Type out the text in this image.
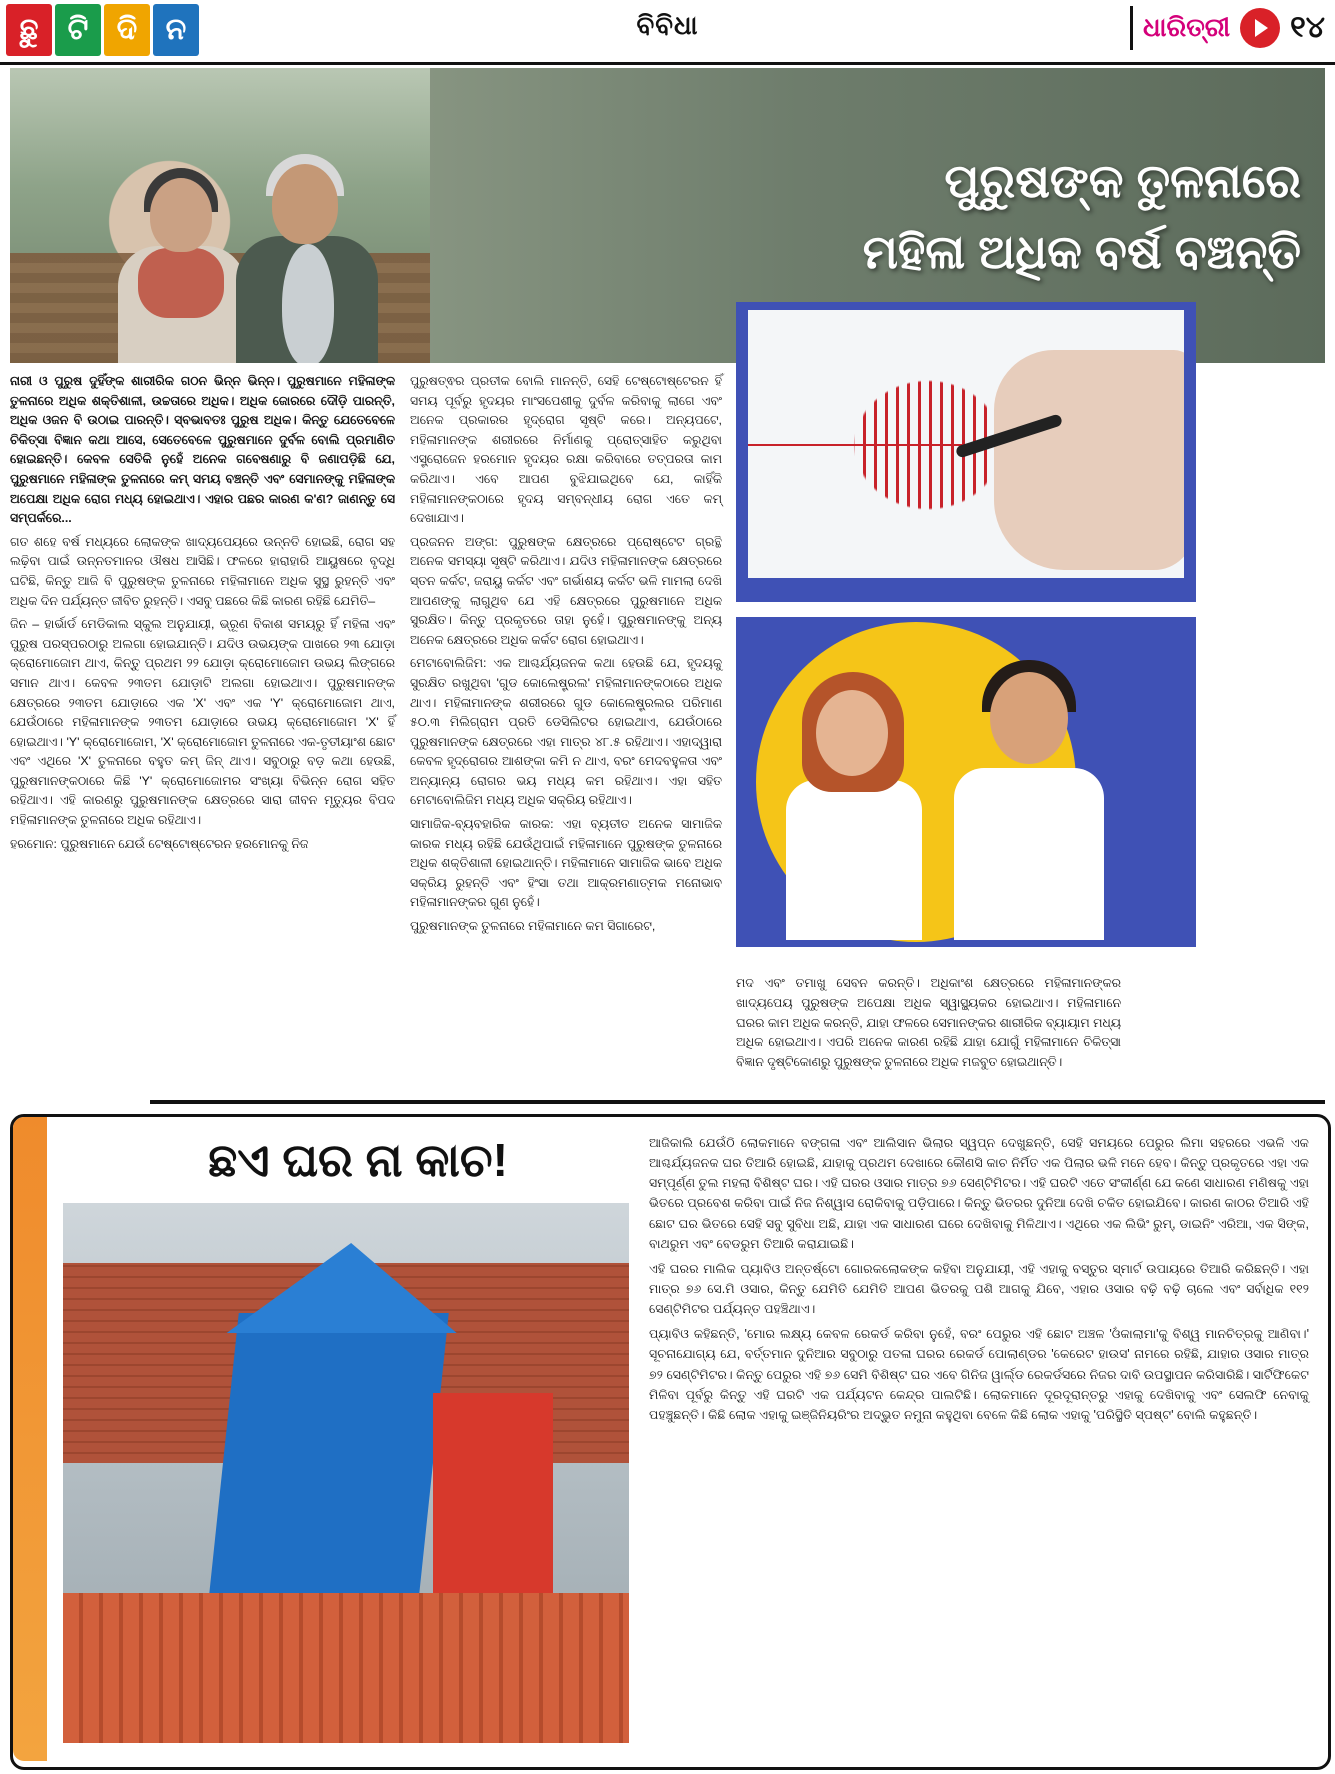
ଛୁ ଟି ଦି ନ	ବିବିଧା	ଧାରିତ୍ରୀ ୧୪
ପୁରୁଷଙ୍କ ତୁଳନାରେ
ମହିଳା ଅଧିକ ବର୍ଷ ବଞ୍ଚନ୍ତି

ନାରୀ ଓ ପୁରୁଷ ଦୁହିଁଙ୍କ ଶାରୀରିକ ଗଠନ ଭିନ୍ନ ଭିନ୍ନ। ପୁରୁଷମାନେ ମହିଳାଙ୍କ ତୁଳନାରେ ଅଧିକ ଶକ୍ତିଶାଳୀ, ଉଚ୍ଚତାରେ ଅଧିକ। ଅଧିକ ଜୋରରେ ଦୌଡ଼ି ପାରନ୍ତି, ଅଧିକ ଓଜନ ବି ଉଠାଇ ପାରନ୍ତି। ସ୍ବଭାବତଃ ପୁରୁଷ ଅଧିକ। କିନ୍ତୁ ଯେତେବେଳେ ଚିକିତ୍ସା ବିଜ୍ଞାନ କଥା ଆସେ, ସେତେବେଳେ ପୁରୁଷମାନେ ଦୁର୍ବଳ ବୋଲି ପ୍ରମାଣିତ ହୋଇଛନ୍ତି। କେବଳ ସେତିକି ନୁହେଁ ଅନେକ ଗବେଷଣାରୁ ବି ଜଣାପଡ଼ିଛି ଯେ, ପୁରୁଷମାନେ ମହିଳାଙ୍କ ତୁଳନାରେ କମ୍ ସମୟ ବଞ୍ଚନ୍ତି ଏବଂ ସେମାନଙ୍କୁ ମହିଳାଙ୍କ ଅପେକ୍ଷା ଅଧିକ ରୋଗ ମଧ୍ୟ ହୋଇଥାଏ। ଏହାର ପଛର କାରଣ କ'ଣ? ଜାଣନ୍ତୁ ସେ ସମ୍ପର୍କରେ...

ଗତ ଶହେ ବର୍ଷ ମଧ୍ୟରେ ଲୋକଙ୍କ ଖାଦ୍ୟପେୟରେ ଉନ୍ନତି ହୋଇଛି, ରୋଗ ସହ ଲଢ଼ିବା ପାଇଁ ଉନ୍ନତମାନର ଔଷଧ ଆସିଛି। ଫଳରେ ହାରାହାରି ଆୟୁଷରେ ବୃଦ୍ଧି ଘଟିଛି, କିନ୍ତୁ ଆଜି ବି ପୁରୁଷଙ୍କ ତୁଳନାରେ ମହିଳାମାନେ ଅଧିକ ସୁସ୍ଥ ରୁହନ୍ତି ଏବଂ ଅଧିକ ଦିନ ପର୍ଯ୍ୟନ୍ତ ଜୀବିତ ରୁହନ୍ତି। ଏସବୁ ପଛରେ କିଛି କାରଣ ରହିଛି ଯେମିତି–

ଜିନ – ହାର୍ଭାର୍ଡ ମେଡିକାଲ ସ୍କୁଲ ଅନୁଯାୟୀ, ଭ୍ରୂଣ ବିକାଶ ସମୟରୁ ହିଁ ମହିଳା ଏବଂ ପୁରୁଷ ପରସ୍ପରଠାରୁ ଅଲଗା ହୋଇଯାନ୍ତି। ଯଦିଓ ଉଭୟଙ୍କ ପାଖରେ ୨୩ ଯୋଡ଼ା କ୍ରୋମୋଜୋମ ଥାଏ, କିନ୍ତୁ ପ୍ରଥମ ୨୨ ଯୋଡ଼ା କ୍ରୋମୋଜୋମ ଉଭୟ ଲିଙ୍ଗରେ ସମାନ ଥାଏ। କେବଳ ୨୩ତମ ଯୋଡ଼ାଟି ଅଲଗା ହୋଇଥାଏ। ପୁରୁଷମାନଙ୍କ କ୍ଷେତ୍ରରେ ୨୩ତମ ଯୋଡ଼ାରେ ଏକ 'X' ଏବଂ ଏକ 'Y' କ୍ରୋମୋଜୋମ ଥାଏ, ଯେଉଁଠାରେ ମହିଳାମାନଙ୍କ ୨୩ତମ ଯୋଡ଼ାରେ ଉଭୟ କ୍ରୋମୋଜୋମ 'X' ହିଁ ହୋଇଥାଏ। 'Y' କ୍ରୋମୋଜୋମ, 'X' କ୍ରୋମୋଜୋମ ତୁଳନାରେ ଏକ-ତୃତୀୟାଂଶ ଛୋଟ ଏବଂ ଏଥିରେ 'X' ତୁଳନାରେ ବହୁତ କମ୍ ଜିନ୍ ଥାଏ। ସବୁଠାରୁ ବଡ଼ କଥା ହେଉଛି, ପୁରୁଷମାନଙ୍କଠାରେ କିଛି 'Y' କ୍ରୋମୋଜୋମର ସଂଖ୍ୟା ବିଭିନ୍ନ ରୋଗ ସହିତ ରହିଥାଏ। ଏହି କାରଣରୁ ପୁରୁଷମାନଙ୍କ କ୍ଷେତ୍ରରେ ସାରା ଜୀବନ ମୃତ୍ୟୁର ବିପଦ ମହିଳାମାନଙ୍କ ତୁଳନାରେ ଅଧିକ ରହିଥାଏ।

ହରମୋନ: ପୁରୁଷମାନେ ଯେଉଁ ଟେଷ୍ଟୋଷ୍ଟେରନ ହରମୋନକୁ ନିଜ

ପୁରୁଷତ୍ଵର ପ୍ରତୀକ ବୋଲି ମାନନ୍ତି, ସେହି ଟେଷ୍ଟୋଷ୍ଟେରନ ହିଁ ସମୟ ପୂର୍ବରୁ ହୃଦୟର ମାଂସପେଶୀକୁ ଦୁର୍ବଳ କରିବାକୁ ଲାଗେ ଏବଂ ଅନେକ ପ୍ରକାରର ହୃଦ୍‌ରୋଗ ସୃଷ୍ଟି କରେ। ଅନ୍ୟପଟେ, ମହିଳାମାନଙ୍କ ଶରୀରରେ ନିର୍ମାଣକୁ ପ୍ରୋତ୍ସାହିତ କରୁଥିବା ଏସ୍ଟ୍ରୋଜେନ ହରମୋନ ହୃଦୟର ରକ୍ଷା କରିବାରେ ତତ୍ପରତା କାମ କରିଥାଏ। ଏବେ ଆପଣ ବୁଝିଯାଇଥିବେ ଯେ, କାହିଁକି ମହିଳାମାନଙ୍କଠାରେ ହୃଦୟ ସମ୍ବନ୍ଧୀୟ ରୋଗ ଏତେ କମ୍ ଦେଖାଯାଏ।

ପ୍ରଜନନ ଅଙ୍ଗ: ପୁରୁଷଙ୍କ କ୍ଷେତ୍ରରେ ପ୍ରୋଷ୍ଟେଟ ଗ୍ରନ୍ଥି ଅନେକ ସମସ୍ୟା ସୃଷ୍ଟି କରିଥାଏ। ଯଦିଓ ମହିଳାମାନଙ୍କ କ୍ଷେତ୍ରରେ ସ୍ତନ କର୍କଟ, ଜରାୟୁ କର୍କଟ ଏବଂ ଗର୍ଭାଶୟ କର୍କଟ ଭଳି ମାମଲା ଦେଖି ଆପଣଙ୍କୁ ଲାଗୁଥିବ ଯେ ଏହି କ୍ଷେତ୍ରରେ ପୁରୁଷମାନେ ଅଧିକ ସୁରକ୍ଷିତ। କିନ୍ତୁ ପ୍ରକୃତରେ ତାହା ନୁହେଁ। ପୁରୁଷମାନଙ୍କୁ ଅନ୍ୟ ଅନେକ କ୍ଷେତ୍ରରେ ଅଧିକ କର୍କଟ ରୋଗ ହୋଇଥାଏ।

ମେଟାବୋଲିଜିମ: ଏକ ଆଶ୍ଚର୍ଯ୍ୟଜନକ କଥା ହେଉଛି ଯେ, ହୃଦୟକୁ ସୁରକ୍ଷିତ ରଖୁଥିବା 'ଗୁଡ କୋଲେଷ୍ଟ୍ରଲ' ମହିଳାମାନଙ୍କଠାରେ ଅଧିକ ଥାଏ। ମହିଳାମାନଙ୍କ ଶରୀରରେ ଗୁଡ କୋଲେଷ୍ଟ୍ରଲର ପରିମାଣ ୫୦.୩ ମିଲିଗ୍ରାମ ପ୍ରତି ଡେସିଲିଟର ହୋଇଥାଏ, ଯେଉଁଠାରେ ପୁରୁଷମାନଙ୍କ କ୍ଷେତ୍ରରେ ଏହା ମାତ୍ର ୪୮.୫ ରହିଥାଏ। ଏହାଦ୍ୱାରା କେବଳ ହୃଦ୍‌ରୋଗର ଆଶଙ୍କା କମି ନ ଥାଏ, ବରଂ ମେଦବହୁଳତା ଏବଂ ଅନ୍ୟାନ୍ୟ ରୋଗର ଭୟ ମଧ୍ୟ କମ ରହିଥାଏ। ଏହା ସହିତ ମେଟାବୋଲିଜିମ ମଧ୍ୟ ଅଧିକ ସକ୍ରିୟ ରହିଥାଏ।

ସାମାଜିକ-ବ୍ୟବହାରିକ କାରକ: ଏହା ବ୍ୟତୀତ ଅନେକ ସାମାଜିକ କାରକ ମଧ୍ୟ ରହିଛି ଯେଉଁଥିପାଇଁ ମହିଳାମାନେ ପୁରୁଷଙ୍କ ତୁଳନାରେ ଅଧିକ ଶକ୍ତିଶାଳୀ ହୋଇଥାନ୍ତି। ମହିଳାମାନେ ସାମାଜିକ ଭାବେ ଅଧିକ ସକ୍ରିୟ ରୁହନ୍ତି ଏବଂ ହିଂସା ତଥା ଆକ୍ରମଣାତ୍ମକ ମନୋଭାବ ମହିଳାମାନଙ୍କର ଗୁଣ ନୁହେଁ।

ପୁରୁଷମାନଙ୍କ ତୁଳନାରେ ମହିଳାମାନେ କମ ସିଗାରେଟ,

ମଦ ଏବଂ ତମାଖୁ ସେବନ କରନ୍ତି। ଅଧିକାଂଶ କ୍ଷେତ୍ରରେ ମହିଳାମାନଙ୍କର ଖାଦ୍ୟପେୟ ପୁରୁଷଙ୍କ ଅପେକ୍ଷା ଅଧିକ ସ୍ୱାସ୍ଥ୍ୟକର ହୋଇଥାଏ। ମହିଳାମାନେ ଘରର କାମ ଅଧିକ କରନ୍ତି, ଯାହା ଫଳରେ ସେମାନଙ୍କର ଶାରୀରିକ ବ୍ୟାୟାମ ମଧ୍ୟ ଅଧିକ ହୋଇଥାଏ। ଏପରି ଅନେକ କାରଣ ରହିଛି ଯାହା ଯୋଗୁଁ ମହିଳାମାନେ ଚିକିତ୍ସା ବିଜ୍ଞାନ ଦୃଷ୍ଟିକୋଣରୁ ପୁରୁଷଙ୍କ ତୁଳନାରେ ଅଧିକ ମଜବୁତ ହୋଇଥାନ୍ତି।

ଛଏ ଘର ନା କାଚ!	ଆଜିକାଲି ଯେଉଁଠି ଲୋକମାନେ ବଙ୍ଗଳା ଏବଂ ଆଲିସାନ ଭିଲାର ସ୍ୱପ୍ନ ଦେଖୁଛନ୍ତି, ସେହି ସମୟରେ ପେରୁର ଲିମା ସହରରେ ଏଭଳି ଏକ ଆଶ୍ଚର୍ଯ୍ୟଜନକ ଘର ତିଆରି ହୋଇଛି, ଯାହାକୁ ପ୍ରଥମ ଦେଖାରେ କୌଣସି କାଚ ନିର୍ମିତ ଏକ ପିଲାର ଭଳି ମନେ ହେବ। କିନ୍ତୁ ପ୍ରକୃତରେ ଏହା ଏକ ସମ୍ପୂର୍ଣ୍ଣ ତୁଲ ମହଲା ବିଶିଷ୍ଟ ଘର। ଏହି ଘରର ଓସାର ମାତ୍ର ୭୬ ସେଣ୍ଟିମିଟର। ଏହି ଘରଟି ଏତେ ସଂକୀର୍ଣ୍ଣ ଯେ କଣେ ସାଧାରଣ ମଣିଷକୁ ଏହା ଭିତରେ ପ୍ରବେଶ କରିବା ପାଇଁ ନିଜ ନିଶ୍ୱାସ ରୋକିବାକୁ ପଡ଼ିପାରେ। କିନ୍ତୁ ଭିତରର ଦୁନିଆ ଦେଖି ଚକିତ ହୋଇଯିବେ। କାରଣ କାଠର ତିଆରି ଏହି ଛୋଟ ଘର ଭିତରେ ସେହି ସବୁ ସୁବିଧା ଅଛି, ଯାହା ଏକ ସାଧାରଣ ଘରେ ଦେଖିବାକୁ ମିଳିଥାଏ। ଏଥିରେ ଏକ ଲିଭିଂ ରୁମ୍, ଡାଇନିଂ ଏରିଆ, ଏକ ସିଙ୍କ, ବାଥରୁମ ଏବଂ ବେଡରୁମ ତିଆରି କରାଯାଇଛି।

ଏହି ଘରର ମାଲିକ ପ୍ୟାବିଓ ଅନ୍ତର୍ଷ୍ଟୋ ଗୋରକଲୋକଙ୍କ କହିବା ଅନୁଯାୟୀ, ଏହି ଏହାକୁ ବସ୍ତୁର ସ୍ମାର୍ଟ ଉପାୟରେ ତିଆରି କରିଛନ୍ତି। ଏହା ମାତ୍ର ୭୬ ସେ.ମି ଓସାର, କିନ୍ତୁ ଯେମିତି ଯେମିତି ଆପଣ ଭିତରକୁ ପଶି ଆଗକୁ ଯିବେ, ଏହାର ଓସାର ବଢ଼ି ବଢ଼ି ଚାଲେ ଏବଂ ସର୍ବାଧିକ ୧୧୨ ସେଣ୍ଟିମିଟର ପର୍ଯ୍ୟନ୍ତ ପହଞ୍ଚିଥାଏ।

ପ୍ୟାବିଓ କହିଛନ୍ତି, 'ମୋର ଲକ୍ଷ୍ୟ କେବଳ ରେକର୍ଡ କରିବା ନୁହେଁ, ବରଂ ପେରୁର ଏହି ଛୋଟ ଅଞ୍ଚଳ 'ଓଁକାଲାମା'କୁ ବିଶ୍ୱ ମାନଚିତ୍ରକୁ ଆଣିବା।' ସୂଚନାଯୋଗ୍ୟ ଯେ, ବର୍ତ୍ତମାନ ଦୁନିଆର ସବୁଠାରୁ ପତଳା ଘରର ରେକର୍ଡ ପୋଲାଣ୍ଡର 'କେରେଟ ହାଉସ' ନାମରେ ରହିଛି, ଯାହାର ଓସାର ମାତ୍ର ୭୨ ସେଣ୍ଟିମିଟର। କିନ୍ତୁ ପେରୁର ଏହି ୭୬ ସେମି ବିଶିଷ୍ଟ ଘର ଏବେ ଗିନିଜ ୱାର୍ଲ୍ଡ ରେକର୍ଡସରେ ନିଜର ଦାବି ଉପସ୍ଥାପନ କରିସାରିଛି। ସାର୍ଟିଫିକେଟ ମିଳିବା ପୂର୍ବରୁ କିନ୍ତୁ ଏହି ଘରଟି ଏକ ପର୍ଯ୍ୟଟନ କେନ୍ଦ୍ର ପାଲଟିଛି। ଲୋକମାନେ ଦୂରଦୂରାନ୍ତରୁ ଏହାକୁ ଦେଖିବାକୁ ଏବଂ ସେଲଫି ନେବାକୁ ପହଞ୍ଚୁଛନ୍ତି। କିଛି ଲୋକ ଏହାକୁ ଇଞ୍ଜିନିୟରିଂର ଅଦ୍ଭୁତ ନମୁନା କହୁଥିବା ବେଳେ କିଛି ଲୋକ ଏହାକୁ 'ପରିସ୍ଥିତି ସ୍ପଷ୍ଟ' ବୋଲି କହୁଛନ୍ତି।
